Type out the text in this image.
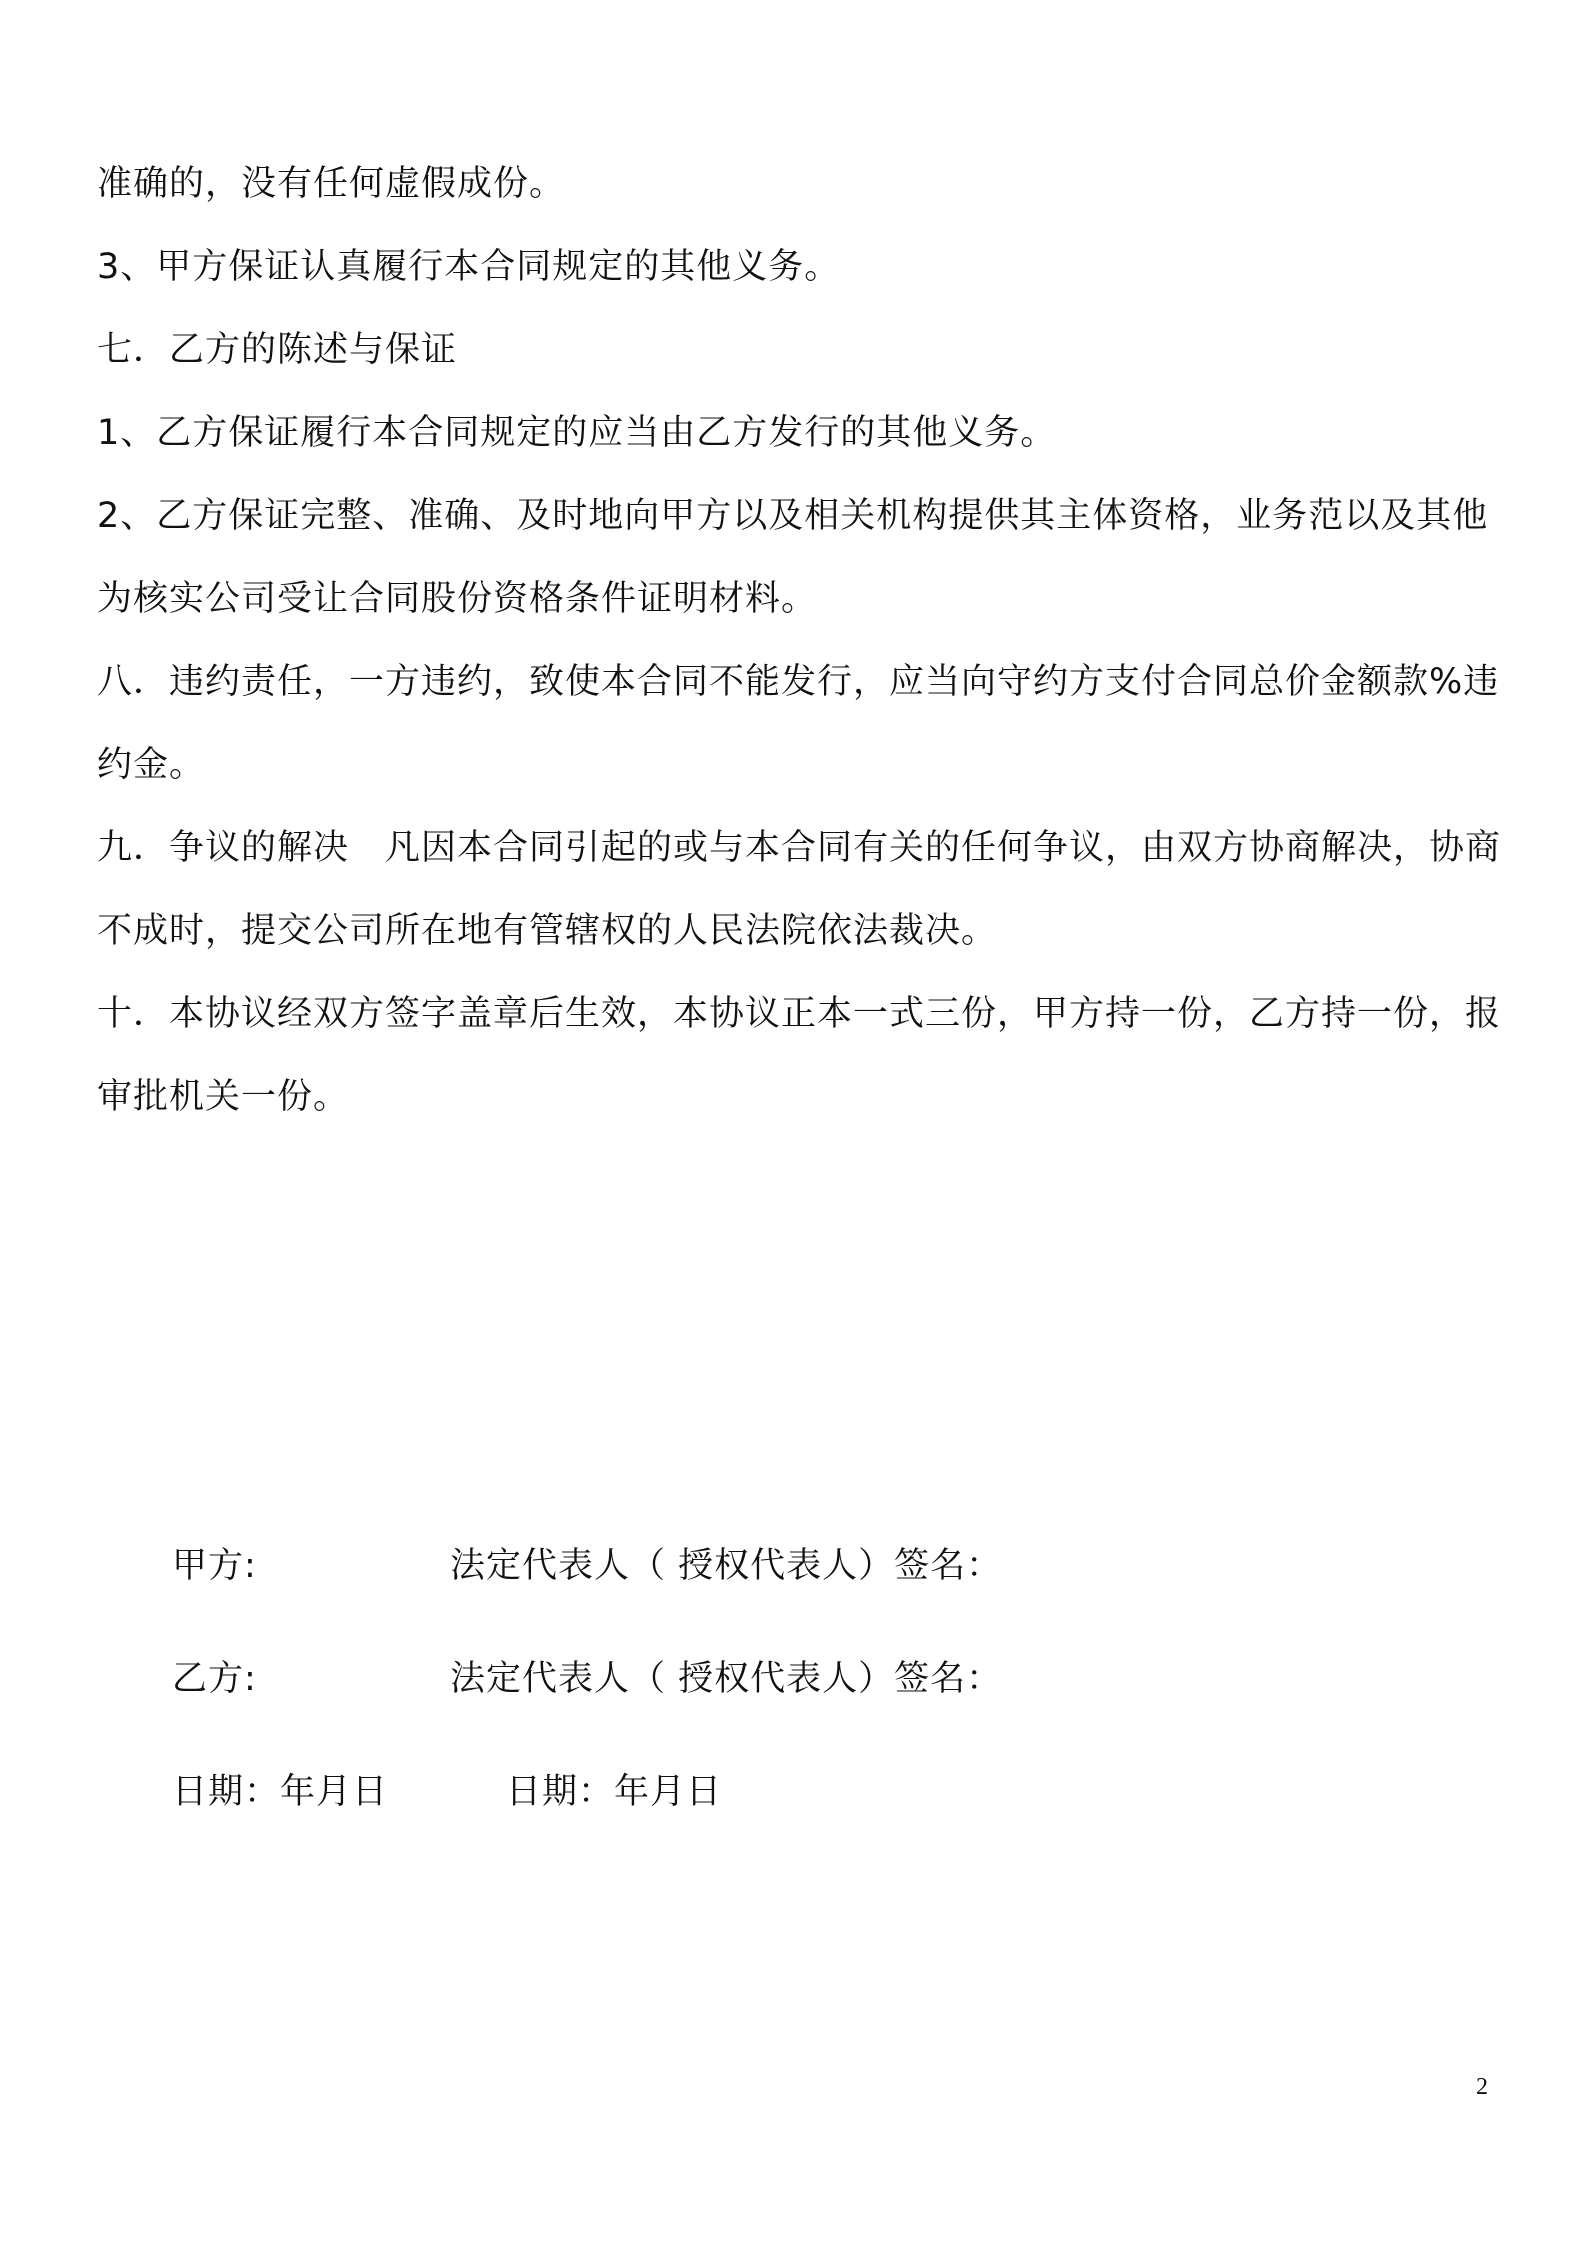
准确的，没有任何虚假成份。

3、甲方保证认真履行本合同规定的其他义务。

七．乙方的陈述与保证

1、乙方保证履行本合同规定的应当由乙方发行的其他义务。

2、乙方保证完整、准确、及时地向甲方以及相关机构提供其主体资格，业务范以及其他为核实公司受让合同股份资格条件证明材料。

八．违约责任，一方违约，致使本合同不能发行，应当向守约方支付合同总价金额款%违约金。

九．争议的解决　凡因本合同引起的或与本合同有关的任何争议，由双方协商解决，协商不成时，提交公司所在地有管辖权的人民法院依法裁决。

十．本协议经双方签字盖章后生效，本协议正本一式三份，甲方持一份，乙方持一份，报审批机关一份。

甲方:	法定代表人（ 授权代表人）签名：
乙方:	法定代表人（ 授权代表人）签名：
日期：年月日	日期：年月日
2
